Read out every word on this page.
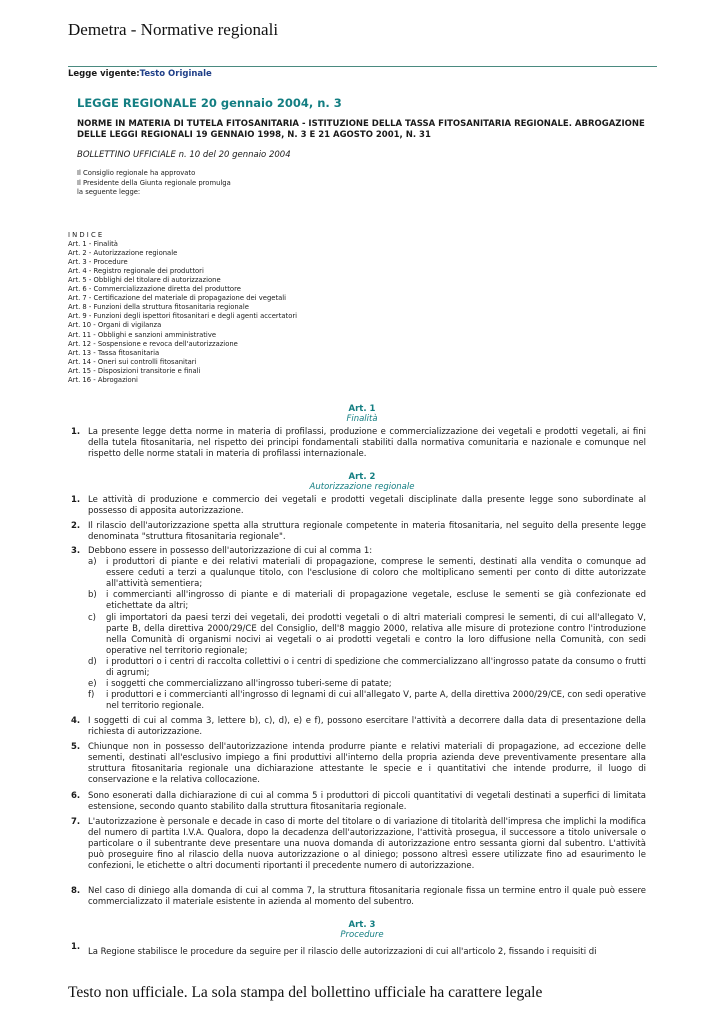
Demetra - Normative regionali
Legge vigente:Testo Originale
LEGGE REGIONALE 20 gennaio 2004, n. 3
NORME IN MATERIA DI TUTELA FITOSANITARIA - ISTITUZIONE DELLA TASSA FITOSANITARIA REGIONALE. ABROGAZIONE DELLE LEGGI REGIONALI 19 GENNAIO 1998, N. 3 E 21 AGOSTO 2001, N. 31
BOLLETTINO UFFICIALE n. 10 del 20 gennaio 2004
Il Consiglio regionale ha approvato
Il Presidente della Giunta regionale promulga
la seguente legge:
I N D I C E
Art. 1 - Finalità
Art. 2 - Autorizzazione regionale
Art. 3 - Procedure
Art. 4 - Registro regionale dei produttori
Art. 5 - Obblighi del titolare di autorizzazione
Art. 6 - Commercializzazione diretta del produttore
Art. 7 - Certificazione del materiale di propagazione dei vegetali
Art. 8 - Funzioni della struttura fitosanitaria regionale
Art. 9 - Funzioni degli ispettori fitosanitari e degli agenti accertatori
Art. 10 - Organi di vigilanza
Art. 11 - Obblighi e sanzioni amministrative
Art. 12 - Sospensione e revoca dell'autorizzazione
Art. 13 - Tassa fitosanitaria
Art. 14 - Oneri sui controlli fitosanitari
Art. 15 - Disposizioni transitorie e finali
Art. 16 - Abrogazioni
Art. 1
Finalità
1. La presente legge detta norme in materia di profilassi, produzione e commercializzazione dei vegetali e prodotti vegetali, ai fini della tutela fitosanitaria, nel rispetto dei principi fondamentali stabiliti dalla normativa comunitaria e nazionale e comunque nel rispetto delle norme statali in materia di profilassi internazionale.
Art. 2
Autorizzazione regionale
1. Le attività di produzione e commercio dei vegetali e prodotti vegetali disciplinate dalla presente legge sono subordinate al possesso di apposita autorizzazione.
2. Il rilascio dell'autorizzazione spetta alla struttura regionale competente in materia fitosanitaria, nel seguito della presente legge denominata "struttura fitosanitaria regionale".
3. Debbono essere in possesso dell'autorizzazione di cui al comma 1:
a) i produttori di piante e dei relativi materiali di propagazione, comprese le sementi, destinati alla vendita o comunque ad essere ceduti a terzi a qualunque titolo, con l'esclusione di coloro che moltiplicano sementi per conto di ditte autorizzate all'attività sementiera;
b) i commercianti all'ingrosso di piante e di materiali di propagazione vegetale, escluse le sementi se già confezionate ed etichettate da altri;
c) gli importatori da paesi terzi dei vegetali, dei prodotti vegetali o di altri materiali compresi le sementi, di cui all'allegato V, parte B, della direttiva 2000/29/CE del Consiglio, dell'8 maggio 2000, relativa alle misure di protezione contro l'introduzione nella Comunità di organismi nocivi ai vegetali o ai prodotti vegetali e contro la loro diffusione nella Comunità, con sedi operative nel territorio regionale;
d) i produttori o i centri di raccolta collettivi o i centri di spedizione che commercializzano all'ingrosso patate da consumo o frutti di agrumi;
e) i soggetti che commercializzano all'ingrosso tuberi-seme di patate;
f) i produttori e i commercianti all'ingrosso di legnami di cui all'allegato V, parte A, della direttiva 2000/29/CE, con sedi operative nel territorio regionale.
4. I soggetti di cui al comma 3, lettere b), c), d), e) e f), possono esercitare l'attività a decorrere dalla data di presentazione della richiesta di autorizzazione.
5. Chiunque non in possesso dell'autorizzazione intenda produrre piante e relativi materiali di propagazione, ad eccezione delle sementi, destinati all'esclusivo impiego a fini produttivi all'interno della propria azienda deve preventivamente presentare alla struttura fitosanitaria regionale una dichiarazione attestante le specie e i quantitativi che intende produrre, il luogo di conservazione e la relativa collocazione.
6. Sono esonerati dalla dichiarazione di cui al comma 5 i produttori di piccoli quantitativi di vegetali destinati a superfici di limitata estensione, secondo quanto stabilito dalla struttura fitosanitaria regionale.
7. L'autorizzazione è personale e decade in caso di morte del titolare o di variazione di titolarità dell'impresa che implichi la modifica del numero di partita I.V.A. Qualora, dopo la decadenza dell'autorizzazione, l'attività prosegua, il successore a titolo universale o particolare o il subentrante deve presentare una nuova domanda di autorizzazione entro sessanta giorni dal subentro. L'attività può proseguire fino al rilascio della nuova autorizzazione o al diniego; possono altresì essere utilizzate fino ad esaurimento le confezioni, le etichette o altri documenti riportanti il precedente numero di autorizzazione.
8. Nel caso di diniego alla domanda di cui al comma 7, la struttura fitosanitaria regionale fissa un termine entro il quale può essere commercializzato il materiale esistente in azienda al momento del subentro.
Art. 3
Procedure
1. La Regione stabilisce le procedure da seguire per il rilascio delle autorizzazioni di cui all'articolo 2, fissando i requisiti di
Testo non ufficiale. La sola stampa del bollettino ufficiale ha carattere legale
